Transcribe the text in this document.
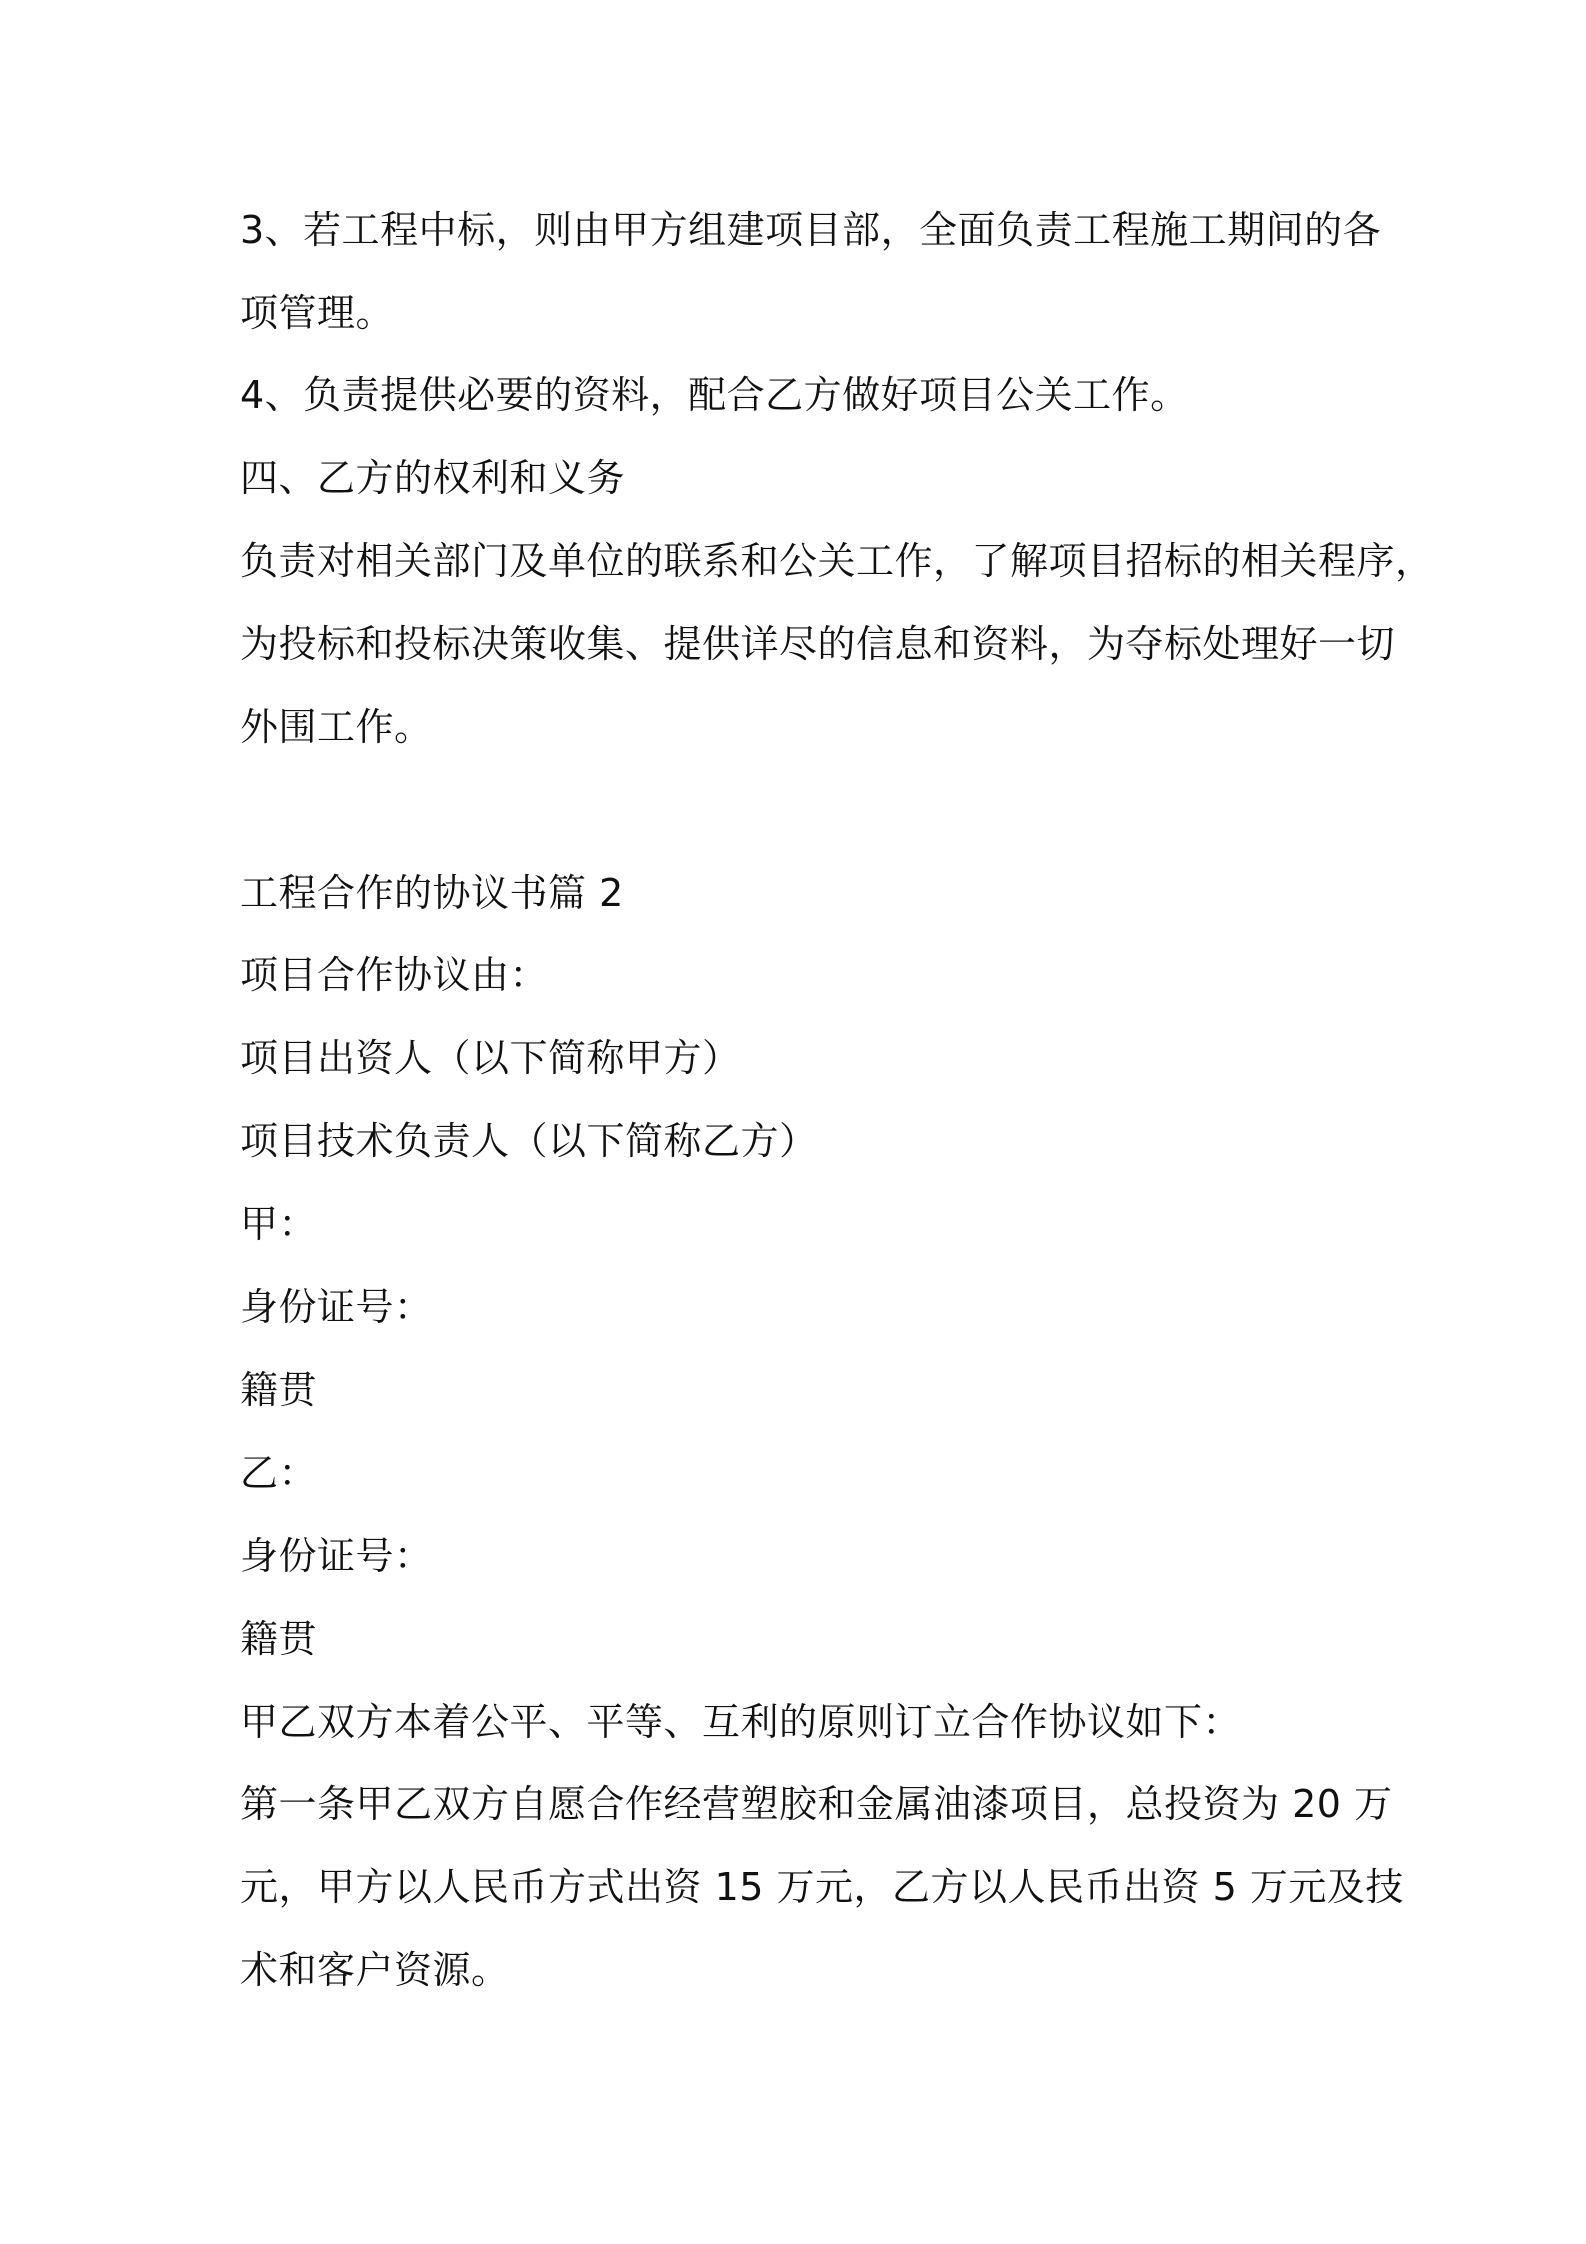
3、若工程中标，则由甲方组建项目部，全面负责工程施工期间的各
项管理。
4、负责提供必要的资料，配合乙方做好项目公关工作。
四、乙方的权利和义务
负责对相关部门及单位的联系和公关工作，了解项目招标的相关程序，
为投标和投标决策收集、提供详尽的信息和资料，为夺标处理好一切
外围工作。
工程合作的协议书篇 2
项目合作协议由：
项目出资人（以下简称甲方）
项目技术负责人（以下简称乙方）
甲：
身份证号：
籍贯
乙：
身份证号：
籍贯
甲乙双方本着公平、平等、互利的原则订立合作协议如下：
第一条甲乙双方自愿合作经营塑胶和金属油漆项目，总投资为 20 万
元，甲方以人民币方式出资 15 万元，乙方以人民币出资 5 万元及技
术和客户资源。
